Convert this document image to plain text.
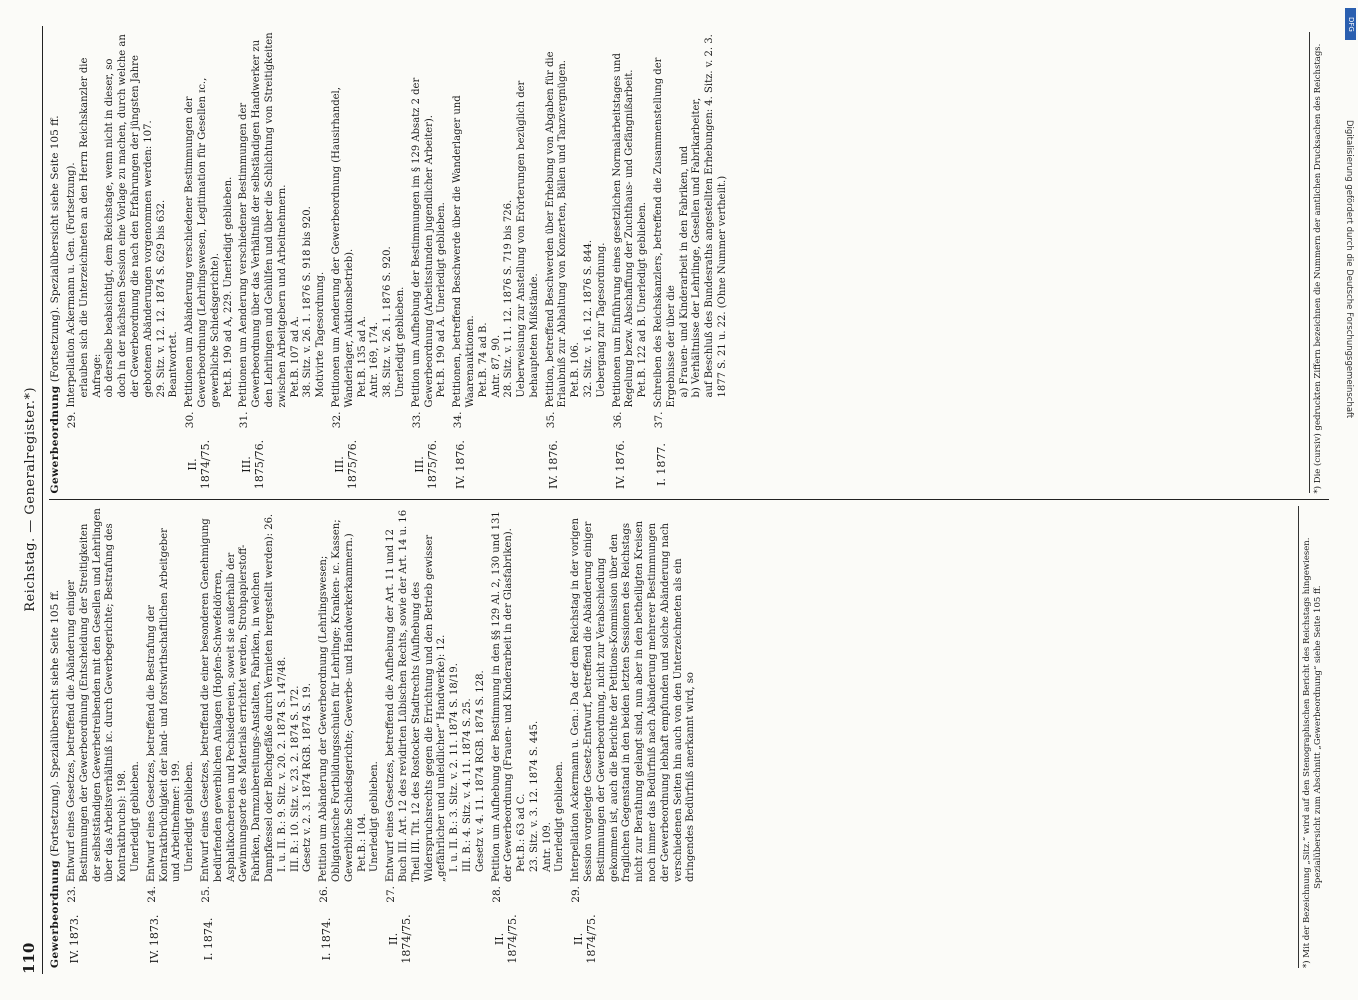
110
Reichstag. — Generalregister.*)

Gewerbeordnung (Fortsetzung). Spezialübersicht siehe Seite 105 ff.

IV. 1873.
23.

Entwurf eines Gesetzes, betreffend die Abänderung einiger Bestimmungen der Gewerbeordnung (Entscheidung der Streitigkeiten der selbstständigen Gewerbetreibenden mit den Gesellen und Lehrlingen über das Arbeitsverhältniß ɪc. durch Gewerbegerichte; Bestrafung des Kontraktbruchs): 198. Unerledigt geblieben.

IV. 1873.
24.

Entwurf eines Gesetzes, betreffend die Bestrafung der Kontraktbrüchigkeit der land- und forstwirthschaftlichen Arbeitgeber und Arbeitnehmer: 199. Unerledigt geblieben.

I. 1874.
25.

Entwurf eines Gesetzes, betreffend die einer besonderen Genehmigung bedürfenden gewerblichen Anlagen (Hopfen-Schwefeldörren, Asphaltkochereien und Pechsiedereien, soweit sie außerhalb der Gewinnungsorte des Materials errichtet werden, Strohpapierstoff-Fabriken, Darmzubereitungs-Anstalten, Fabriken, in welchen Dampfkessel oder Blechgefäße durch Vernieten hergestellt werden): 26. I. u. II. B.: 9. Sitz. v. 20. 2. 1874 S. 147/48. III. B.: 10. Sitz. v. 23. 2. 1874 S. 172. Gesetz v. 2. 3. 1874 RGB. 1874 S. 19.

I. 1874.
26.

Petition um Abänderung der Gewerbeordnung (Lehrlingswesen; Obligatorische Fortbildungsschulen für Lehrlinge; Kranken- ɪc. Kassen; Gewerbliche Schiedsgerichte; Gewerbe- und Handwerkerkammern.) Pet.B.: 104. Unerledigt geblieben.

II. 1874/75.
27.

Entwurf eines Gesetzes, betreffend die Aufhebung der Art. 11 und 12 Buch III. Art. 12 des revidirten Lübischen Rechts, sowie der Art. 14 u. 16 Theil III. Tit. 12 des Rostocker Stadtrechts (Aufhebung des Widerspruchsrechts gegen die Errichtung und den Betrieb gewisser „gefährlicher und unleidlicher“ Handwerke): 12. I. u. II. B.: 3. Sitz. v. 2. 11. 1874 S. 18/19. III. B.: 4. Sitz. v. 4. 11. 1874 S. 25. Gesetz v. 4. 11. 1874 RGB. 1874 S. 128.

II. 1874/75.
28.

Petition um Aufhebung der Bestimmung in den §§ 129 Al. 2, 130 und 131 der Gewerbeordnung (Frauen- und Kinderarbeit in der Glasfabriken). Pet.B.: 63 ad C. 23. Sitz. v. 3. 12. 1874 S. 445. Antr. 109. Unerledigt geblieben.

II. 1874/75.
29.

Interpellation Ackermann u. Gen.: Da der dem Reichstag in der vorigen Session vorgelegte Gesetz-Entwurf, betreffend die Abänderung einiger Bestimmungen der Gewerbeordnung, nicht zur Verabschiedung gekommen ist, auch die Berichte der Petitions-Kommission über den fraglichen Gegenstand in den beiden letzten Sessionen des Reichstags nicht zur Berathung gelangt sind, nun aber in den betheiligten Kreisen noch immer das Bedürfniß nach Abänderung mehrerer Bestimmungen der Gewerbeordnung lebhaft empfunden und solche Abänderung nach verschiedenen Seiten hin auch von den Unterzeichneten als ein dringendes Bedürfniß anerkannt wird, so	*) Mit der Bezeichnung „Sitz.“ wird auf den Stenographischen Bericht des Reichstags hingewiesen. Spezialübersicht zum Abschnitt „Gewerbeordnung“ siehe Seite 105 ff.

Gewerbeordnung (Fortsetzung). Spezialübersicht siehe Seite 105 ff.

29.

Interpellation Ackermann u. Gen. (Fortsetzung). erlauben sich die Unterzeichneten an den Herrn Reichskanzler die Anfrage: ob derselbe beabsichtigt, dem Reichstage, wenn nicht in dieser, so doch in der nächsten Session eine Vorlage zu machen, durch welche an der Gewerbeordnung die nach den Erfahrungen der jüngsten Jahre gebotenen Abänderungen vorgenommen werden: 107. 29. Sitz. v. 12. 12. 1874 S. 629 bis 632. Beantwortet.

II. 1874/75.
30.

Petitionen um Abänderung verschiedener Bestimmungen der Gewerbeordnung (Lehrlingswesen, Legitimation für Gesellen ɪc., gewerbliche Schiedsgerichte). Pet.B. 190 ad A, 229. Unerledigt geblieben.

III. 1875/76.
31.

Petitionen um Aenderung verschiedener Bestimmungen der Gewerbeordnung über das Verhältniß der selbständigen Handwerker zu den Lehrlingen und Gehülfen und über die Schlichtung von Streitigkeiten zwischen Arbeitgebern und Arbeitnehmern. Pet.B. 107 ad A. 38. Sitz. v. 26. 1. 1876 S. 918 bis 920. Motivirte Tagesordnung.

III. 1875/76.
32.

Petitionen um Aenderung der Gewerbeordnung (Hausirhandel, Wanderlager, Auktionsbetrieb). Pet.B. 135 ad A. Antr. 169, 174. 38. Sitz. v. 26. 1. 1876 S. 920. Unerledigt geblieben.

III. 1875/76.
33.

Petition um Aufhebung der Bestimmungen im § 129 Absatz 2 der Gewerbeordnung (Arbeitsstunden jugendlicher Arbeiter). Pet.B. 190 ad A. Unerledigt geblieben.

IV. 1876.
34.

Petitionen, betreffend Beschwerde über die Wanderlager und Waarenauktionen. Pet.B. 74 ad B. Antr. 87, 90. 28. Sitz. v. 11. 12. 1876 S. 719 bis 726. Ueberweisung zur Anstellung von Erörterungen bezüglich der behaupteten Mißstände.

IV. 1876.
35.

Petition, betreffend Beschwerden über Erhebung von Abgaben für die Erlaubniß zur Abhaltung von Konzerten, Bällen und Tanzvergnügen. Pet.B. 106. 32. Sitz. v. 16. 12. 1876 S. 844. Uebergang zur Tagesordnung.

IV. 1876.
36.

Petitionen um Einführung eines gesetzlichen Normalarbeitstages und Regelung bezw. Abschaffung der Zuchthaus- und Gefängnißarbeit. Pet.B. 122 ad B. Unerledigt geblieben.

I. 1877.
37.

Schreiben des Reichskanzlers, betreffend die Zusammenstellung der Ergebnisse der über die a) Frauen- und Kinderarbeit in den Fabriken, und b) Verhältnisse der Lehrlinge, Gesellen und Fabrikarbeiter, auf Beschluß des Bundesraths angestellten Erhebungen: 4. Sitz. v. 2. 3. 1877 S. 21 u. 22. (Ohne Nummer vertheilt.)	*) Die (cursiv) gedruckten Ziffern bezeichnen die Nummern der amtlichen Drucksachen des Reichstags.	Digitalisierung gefördert durch die Deutsche Forschungsgemeinschaft
DFG
